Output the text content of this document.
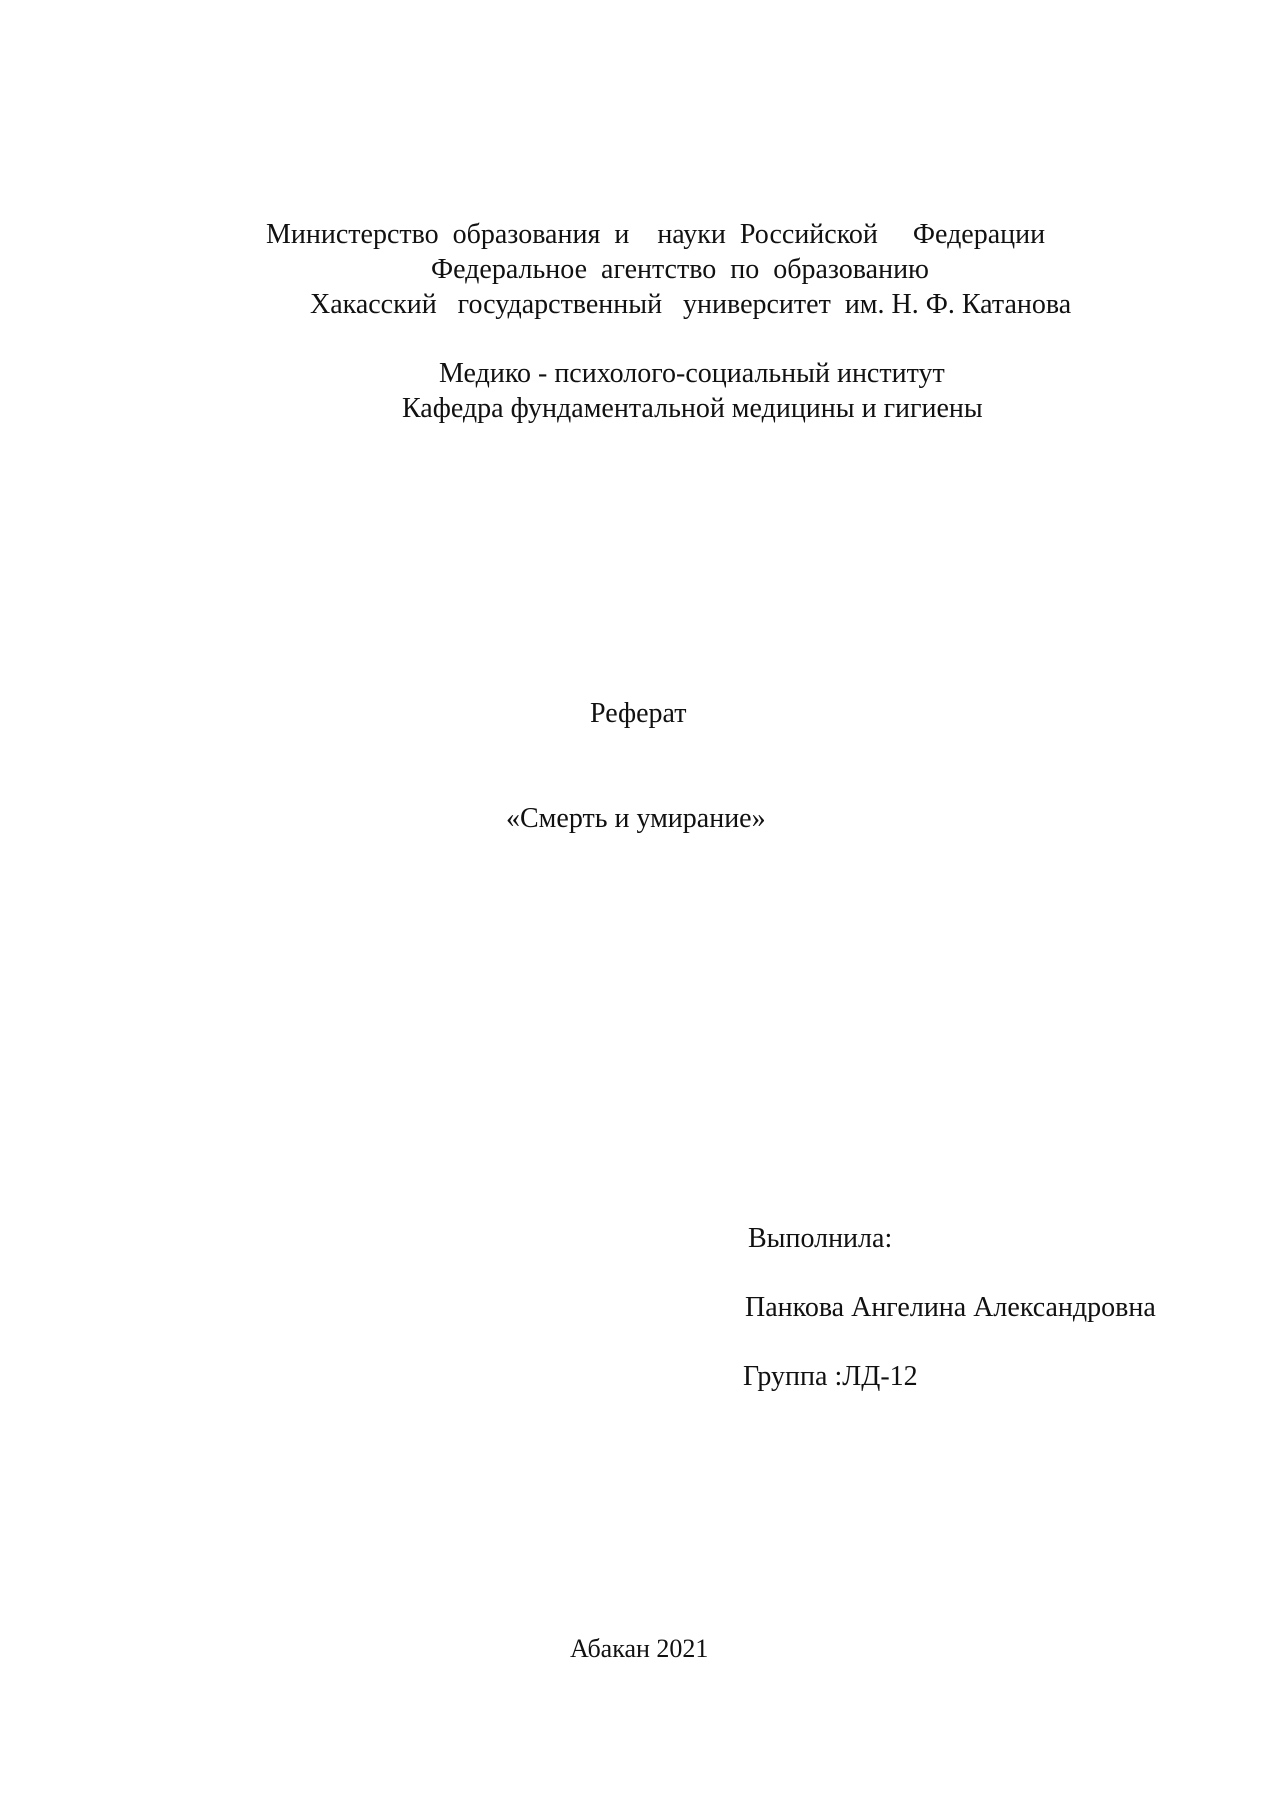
Министерство  образования  и    науки  Российской     Федерации
Федеральное  агентство  по  образованию
Хакасский   государственный   университет  им. Н. Ф. Катанова
Медико - психолого-социальный институт
Кафедра фундаментальной медицины и гигиены
Реферат
«Смерть и умирание»
Выполнила:
Панкова Ангелина Александровна
Группа :ЛД-12
Абакан 2021
